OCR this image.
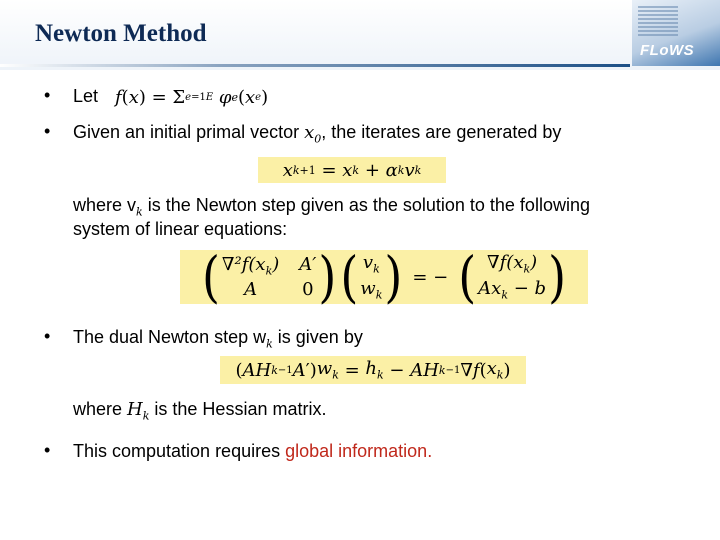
Newton Method
FLoWS
• Let f ( x ) = Σ e=1 E
φ e ( x e )
• Given an initial primal vector $x_0$, the iterates are generated by
x k +1 = x k + α k v k
where $v_k$ is the Newton step given as the solution to the following
system of linear equations:
( $\nabla^2f(x_k)$ A′
A	0 ) ( $v_k$
$w_k$ ) = − ( $\nabla f(x_k)$
$Ax_k - b$ )
• The dual Newton step $w_k$ is given by
( AH k −1 A ′) $w_k = h_k$ − AH k −1 ∇ f ( $x_k$ )
where $H_k$ is the Hessian matrix.
• This computation requires global information.
